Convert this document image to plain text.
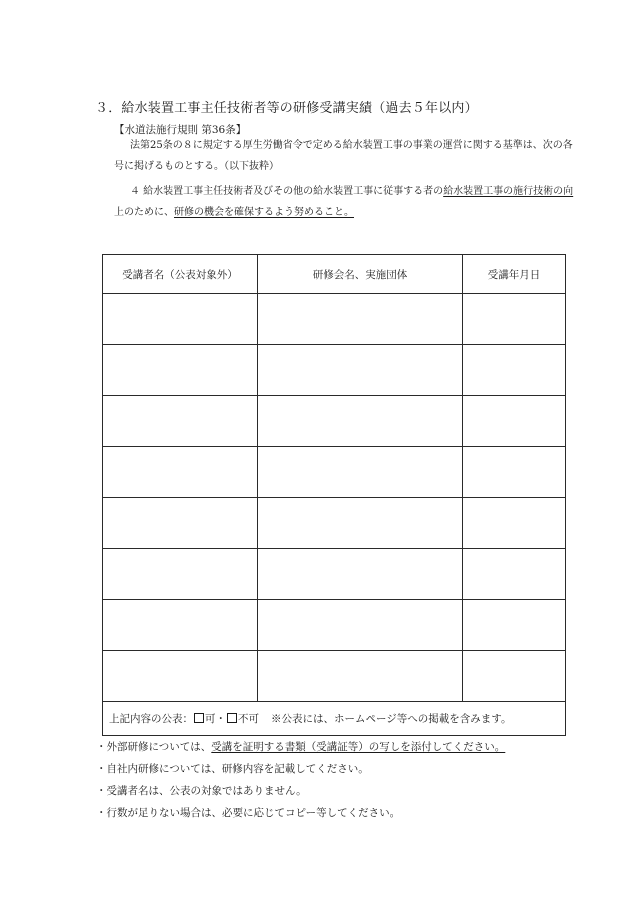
３．給水装置工事主任技術者等の研修受講実績（過去５年以内）
【水道法施行規則 第36条】
法第25条の８に規定する厚生労働省令で定める給水装置工事の事業の運営に関する基準は、次の各
号に掲げるものとする。（以下抜粋）
４ 給水装置工事主任技術者及びその他の給水装置工事に従事する者の給水装置工事の施行技術の向
上のために、研修の機会を確保するよう努めること。
受講者名（公表対象外）	研修会名、実施団体	受講年月日

上記内容の公表： 可・ 不可 ※公表には、ホームページ等への掲載を含みます。		
・外部研修については、受講を証明する書類（受講証等）の写しを添付してください。
・自社内研修については、研修内容を記載してください。
・受講者名は、公表の対象ではありません。
・行数が足りない場合は、必要に応じてコピー等してください。
